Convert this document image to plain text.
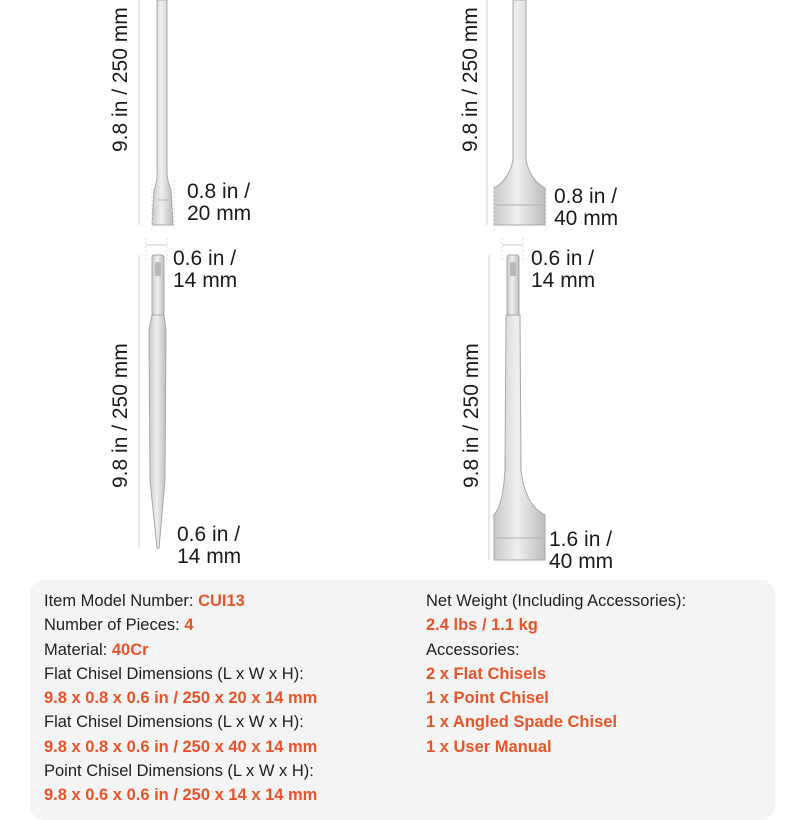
9.8 in / 250 mm	9.8 in / 250 mm
9.8 in / 250 mm	9.8 in / 250 mm
0.8 in /
20 mm
0.8 in /
40 mm
0.6 in /
14 mm
0.6 in /
14 mm
0.6 in /
14 mm
1.6 in /
40 mm
Item Model Number: CUI13
Number of Pieces: 4
Material: 40Cr
Flat Chisel Dimensions (L x W x H):
9.8 x 0.8 x 0.6 in / 250 x 20 x 14 mm
Flat Chisel Dimensions (L x W x H):
9.8 x 0.8 x 0.6 in / 250 x 40 x 14 mm
Point Chisel Dimensions (L x W x H):
9.8 x 0.6 x 0.6 in / 250 x 14 x 14 mm
Net Weight (Including Accessories):
2.4 lbs / 1.1 kg
Accessories:
2 x Flat Chisels
1 x Point Chisel
1 x Angled Spade Chisel
1 x User Manual
